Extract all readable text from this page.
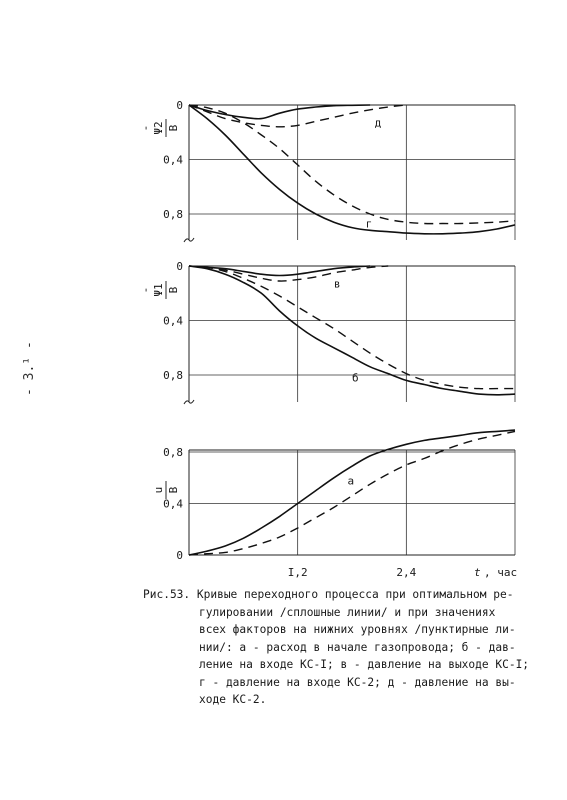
0
0,4
0,8
Ψ2 B
-	д
г
0
0,4
0,8
Ψ1 B
-	в
б
0
0,4
0,8
u B
а
I,2	2,4	t , час
- 3.¹ -
Рис.53. Кривые переходного процесса при оптимальном ре-
гулировании /сплошные линии/ и при значениях
всех факторов на нижних уровнях /пунктирные ли-
нии/: а - расход в начале газопровода; б - дав-
ление на входе КС-I; в - давление на выходе КС-I;
г - давление на входе КС-2; д - давление на вы-
ходе КС-2.
